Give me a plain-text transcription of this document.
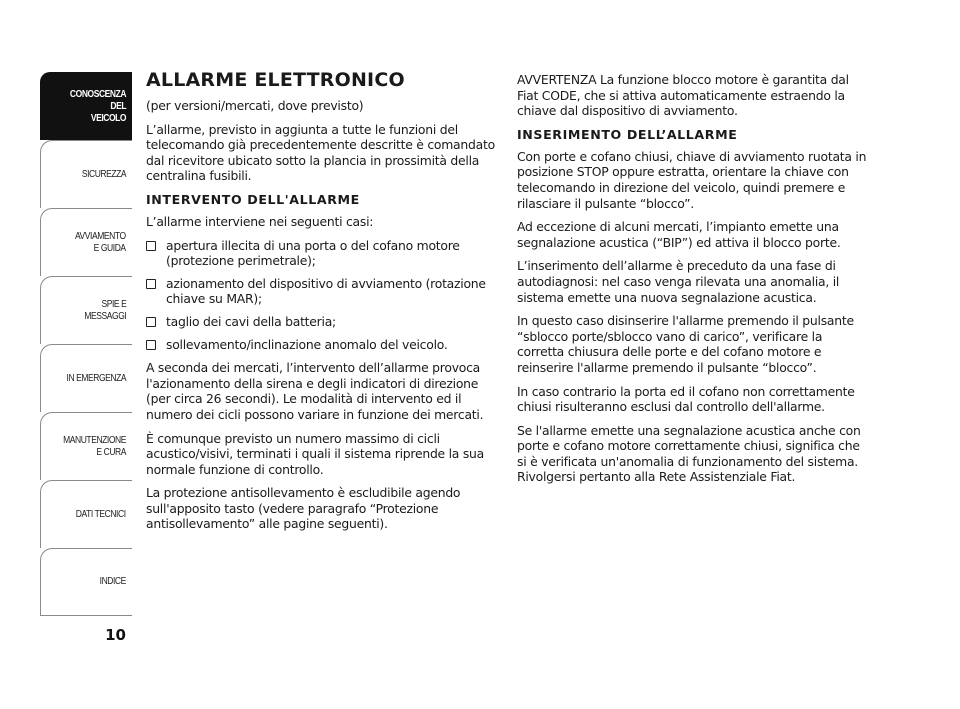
CONOSCENZA
DEL
VEICOLO
SICUREZZA
AVVIAMENTO
E GUIDA
SPIE E
MESSAGGI
IN EMERGENZA
MANUTENZIONE
E CURA
DATI TECNICI
INDICE
10
ALLARME ELETTRONICO

(per versioni/mercati, dove previsto)

L’allarme, previsto in aggiunta a tutte le funzioni del telecomando già precedentemente descritte è comandato dal ricevitore ubicato sotto la plancia in prossimità della centralina fusibili.

INTERVENTO DELL'ALLARME

L’allarme interviene nei seguenti casi:

apertura illecita di una porta o del cofano motore (protezione perimetrale);
azionamento del dispositivo di avviamento (rotazione chiave su MAR);
taglio dei cavi della batteria;
sollevamento/inclinazione anomalo del veicolo.

A seconda dei mercati, l’intervento dell’allarme provoca l'azionamento della sirena e degli indicatori di direzione (per circa 26 secondi). Le modalità di intervento ed il numero dei cicli possono variare in funzione dei mercati.

È comunque previsto un numero massimo di cicli acustico/visivi, terminati i quali il sistema riprende la sua normale funzione di controllo.

La protezione antisollevamento è escludibile agendo sull'apposito tasto (vedere paragrafo “Protezione antisollevamento” alle pagine seguenti).

AVVERTENZA La funzione blocco motore è garantita dal Fiat CODE, che si attiva automaticamente estraendo la chiave dal dispositivo di avviamento.

INSERIMENTO DELL’ALLARME

Con porte e cofano chiusi, chiave di avviamento ruotata in posizione STOP oppure estratta, orientare la chiave con telecomando in direzione del veicolo, quindi premere e rilasciare il pulsante “blocco”.

Ad eccezione di alcuni mercati, l’impianto emette una segnalazione acustica (“BIP”) ed attiva il blocco porte.

L’inserimento dell’allarme è preceduto da una fase di autodiagnosi: nel caso venga rilevata una anomalia, il sistema emette una nuova segnalazione acustica.

In questo caso disinserire l'allarme premendo il pulsante “sblocco porte/sblocco vano di carico”, verificare la corretta chiusura delle porte e del cofano motore e reinserire l'allarme premendo il pulsante “blocco”.

In caso contrario la porta ed il cofano non correttamente chiusi risulteranno esclusi dal controllo dell'allarme.

Se l'allarme emette una segnalazione acustica anche con porte e cofano motore correttamente chiusi, significa che si è verificata un'anomalia di funzionamento del sistema. Rivolgersi pertanto alla Rete Assistenziale Fiat.
